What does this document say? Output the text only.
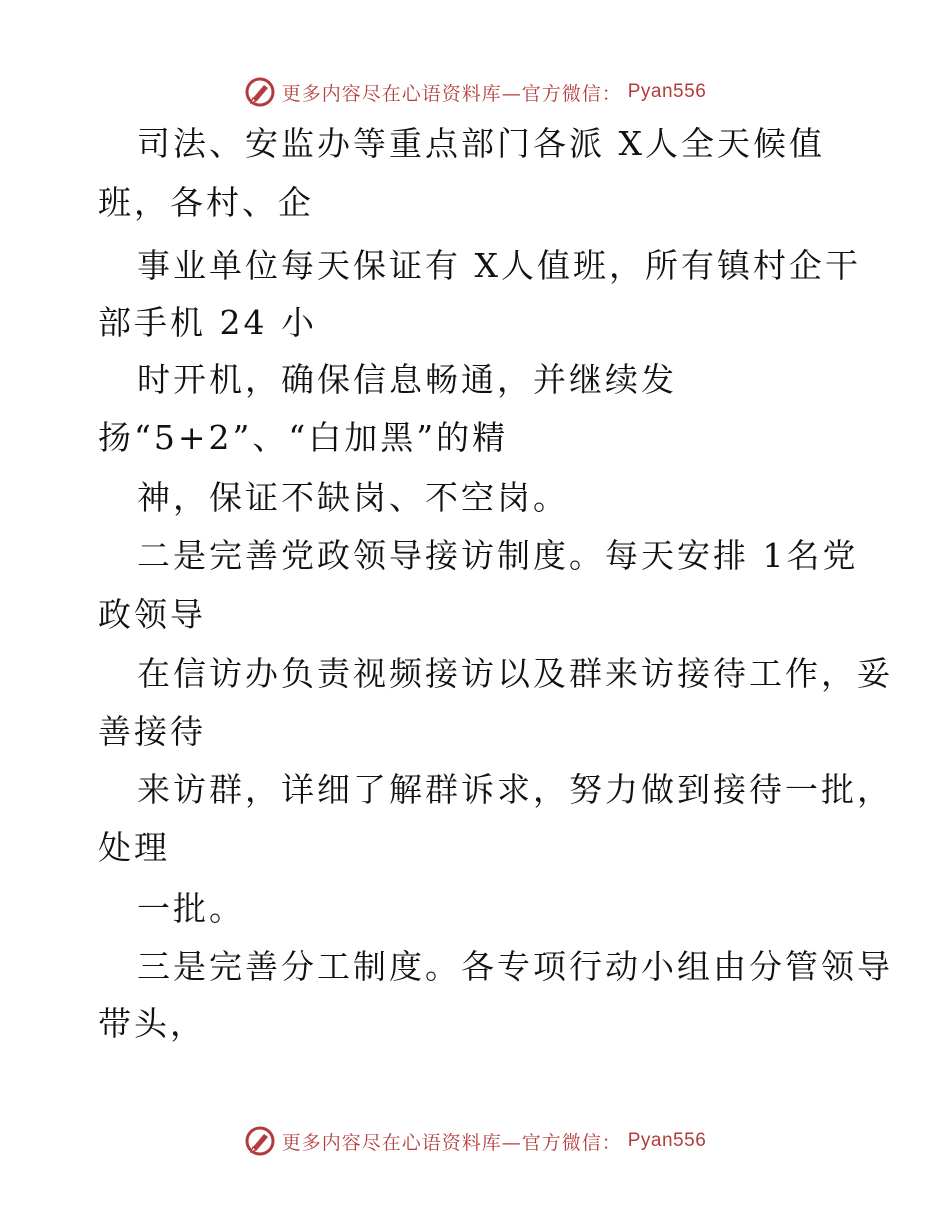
更多内容尽在心语资料库—官方微信： Pyan556
司法、安监办等重点部门各派 X人全天候值
班，各村、企
事业单位每天保证有 X人值班，所有镇村企干
部手机 24 小
时开机，确保信息畅通，并继续发
扬“5+2”、“白加黑”的精
神，保证不缺岗、不空岗。
二是完善党政领导接访制度。每天安排 1名党
政领导
在信访办负责视频接访以及群来访接待工作，妥
善接待
来访群，详细了解群诉求，努力做到接待一批，
处理
一批。
三是完善分工制度。各专项行动小组由分管领导
带头，
更多内容尽在心语资料库—官方微信： Pyan556
